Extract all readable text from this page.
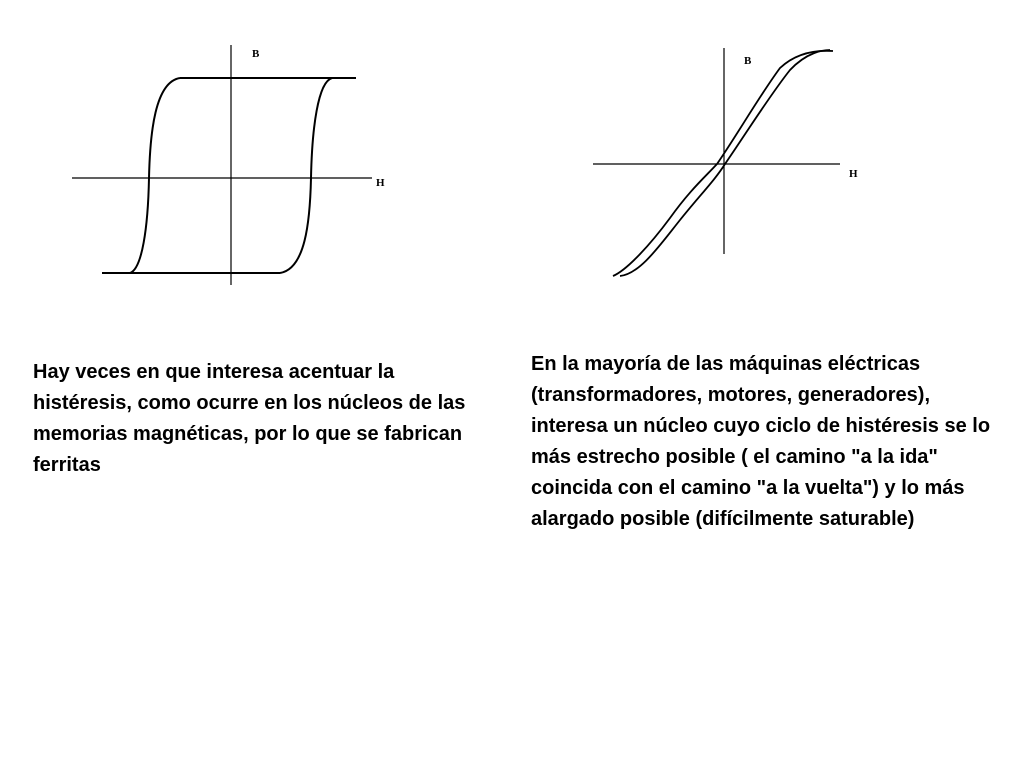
B
H
B
H

Hay veces en que interesa acentuar la histéresis, como ocurre en los núcleos de las memorias magnéticas, por lo que se fabrican ferritas

En la mayoría de las máquinas eléctricas (transformadores, motores, generadores), interesa un núcleo cuyo ciclo de histéresis se lo más estrecho posible ( el camino "a la ida" coincida con el camino "a la vuelta") y lo más alargado posible (difícilmente saturable)
